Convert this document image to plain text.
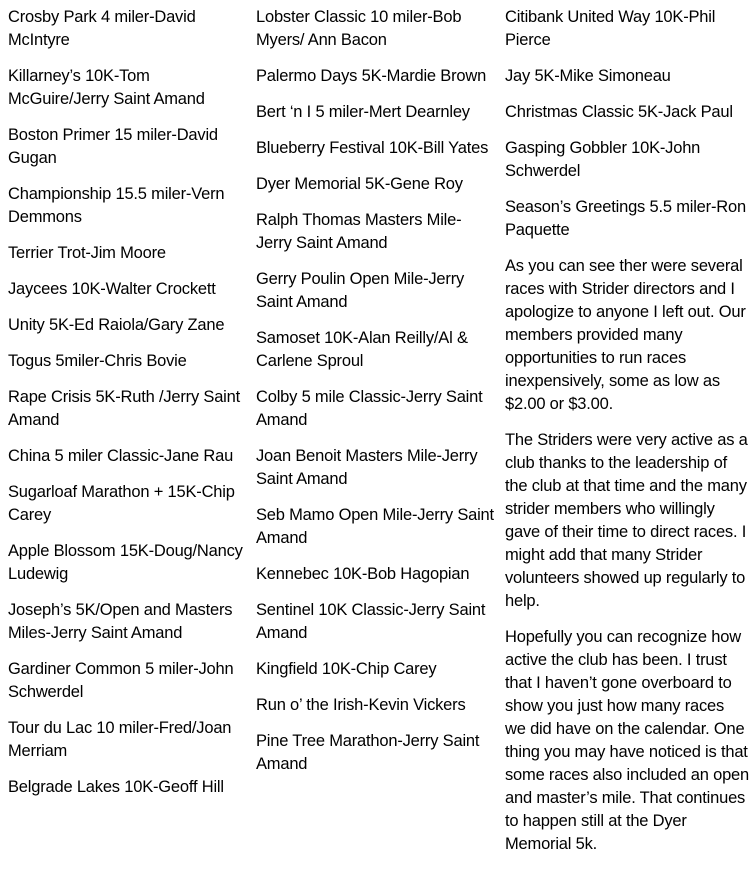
Crosby Park 4 miler-David McIntyre

Killarney’s 10K-Tom McGuire/Jerry Saint Amand

Boston Primer 15 miler-David Gugan

Championship 15.5 miler-Vern Demmons

Terrier Trot-Jim Moore

Jaycees 10K-Walter Crockett

Unity 5K-Ed Raiola/Gary Zane

Togus 5miler-Chris Bovie

Rape Crisis 5K-Ruth /Jerry Saint Amand

China 5 miler Classic-Jane Rau

Sugarloaf Marathon + 15K-Chip Carey

Apple Blossom 15K-Doug/Nancy Ludewig

Joseph’s 5K/Open and Masters Miles-Jerry Saint Amand

Gardiner Common 5 miler-John Schwerdel

Tour du Lac 10 miler-Fred/Joan Merriam

Belgrade Lakes 10K-Geoff Hill

Lobster Classic 10 miler-Bob Myers/ Ann Bacon

Palermo Days 5K-Mardie Brown

Bert ‘n I 5 miler-Mert Dearnley

Blueberry Festival 10K-Bill Yates

Dyer Memorial 5K-Gene Roy

Ralph Thomas Masters Mile-Jerry Saint Amand

Gerry Poulin Open Mile-Jerry Saint Amand

Samoset 10K-Alan Reilly/Al & Carlene Sproul

Colby 5 mile Classic-Jerry Saint Amand

Joan Benoit Masters Mile-Jerry Saint Amand

Seb Mamo Open Mile-Jerry Saint Amand

Kennebec 10K-Bob Hagopian

Sentinel 10K Classic-Jerry Saint Amand

Kingfield 10K-Chip Carey

Run o’ the Irish-Kevin Vickers

Pine Tree Marathon-Jerry Saint Amand

Citibank United Way 10K-Phil Pierce

Jay 5K-Mike Simoneau

Christmas Classic 5K-Jack Paul

Gasping Gobbler 10K-John Schwerdel

Season’s Greetings 5.5 miler-Ron Paquette

As you can see ther were several races with Strider directors and I apologize to anyone I left out. Our members provided many opportunities to run races inexpensively, some as low as $2.00 or $3.00.

The Striders were very active as a club thanks to the leadership of the club at that time and the many strider members who willingly gave of their time to direct races. I might add that many Strider volunteers showed up regularly to help.

Hopefully you can recognize how active the club has been. I trust that I haven’t gone overboard to show you just how many races we did have on the calendar. One thing you may have noticed is that some races also included an open and master’s mile. That continues to happen still at the Dyer Memorial 5k.
